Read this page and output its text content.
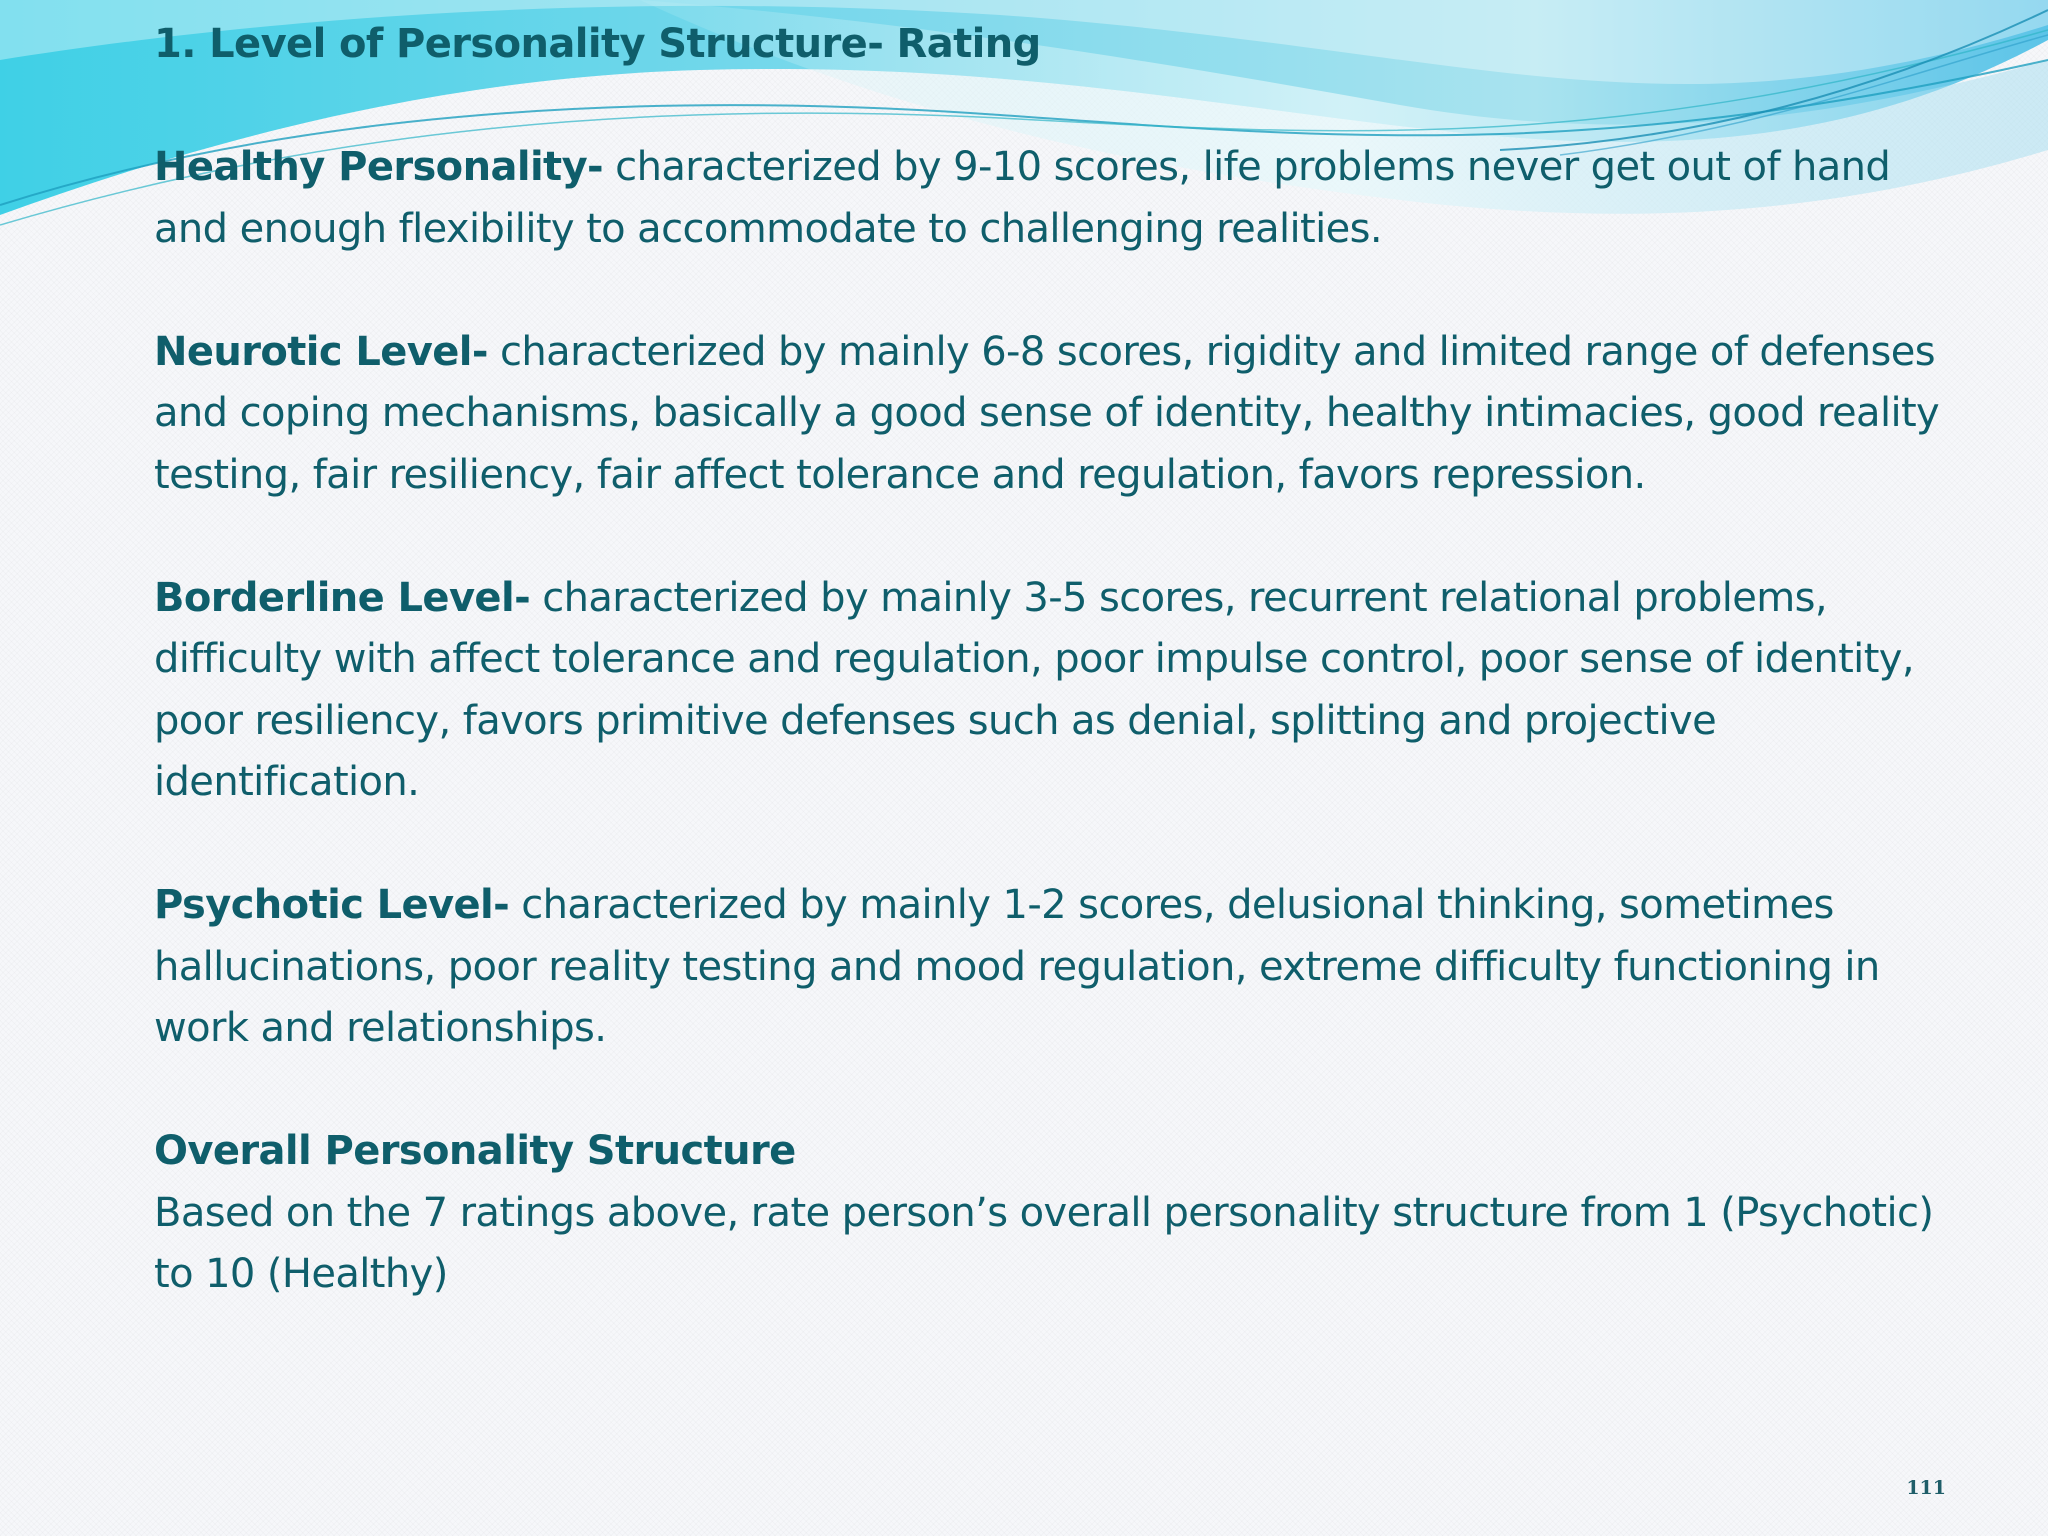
1. Level of Personality Structure- Rating

Healthy Personality- characterized by 9-10 scores, life problems never get out of hand and enough flexibility to accommodate to challenging realities.

Neurotic Level- characterized by mainly 6-8 scores, rigidity and limited range of defenses and coping mechanisms, basically a good sense of identity, healthy intimacies, good reality testing, fair resiliency, fair affect tolerance and regulation, favors repression.

Borderline Level- characterized by mainly 3-5 scores, recurrent relational problems, difficulty with affect tolerance and regulation, poor impulse control, poor sense of identity, poor resiliency, favors primitive defenses such as denial, splitting and projective identification.

Psychotic Level- characterized by mainly 1-2 scores, delusional thinking, sometimes hallucinations, poor reality testing and mood regulation, extreme difficulty functioning in work and relationships.

Overall Personality Structure

Based on the 7 ratings above, rate person’s overall personality structure from 1 (Psychotic) to 10 (Healthy)

111
